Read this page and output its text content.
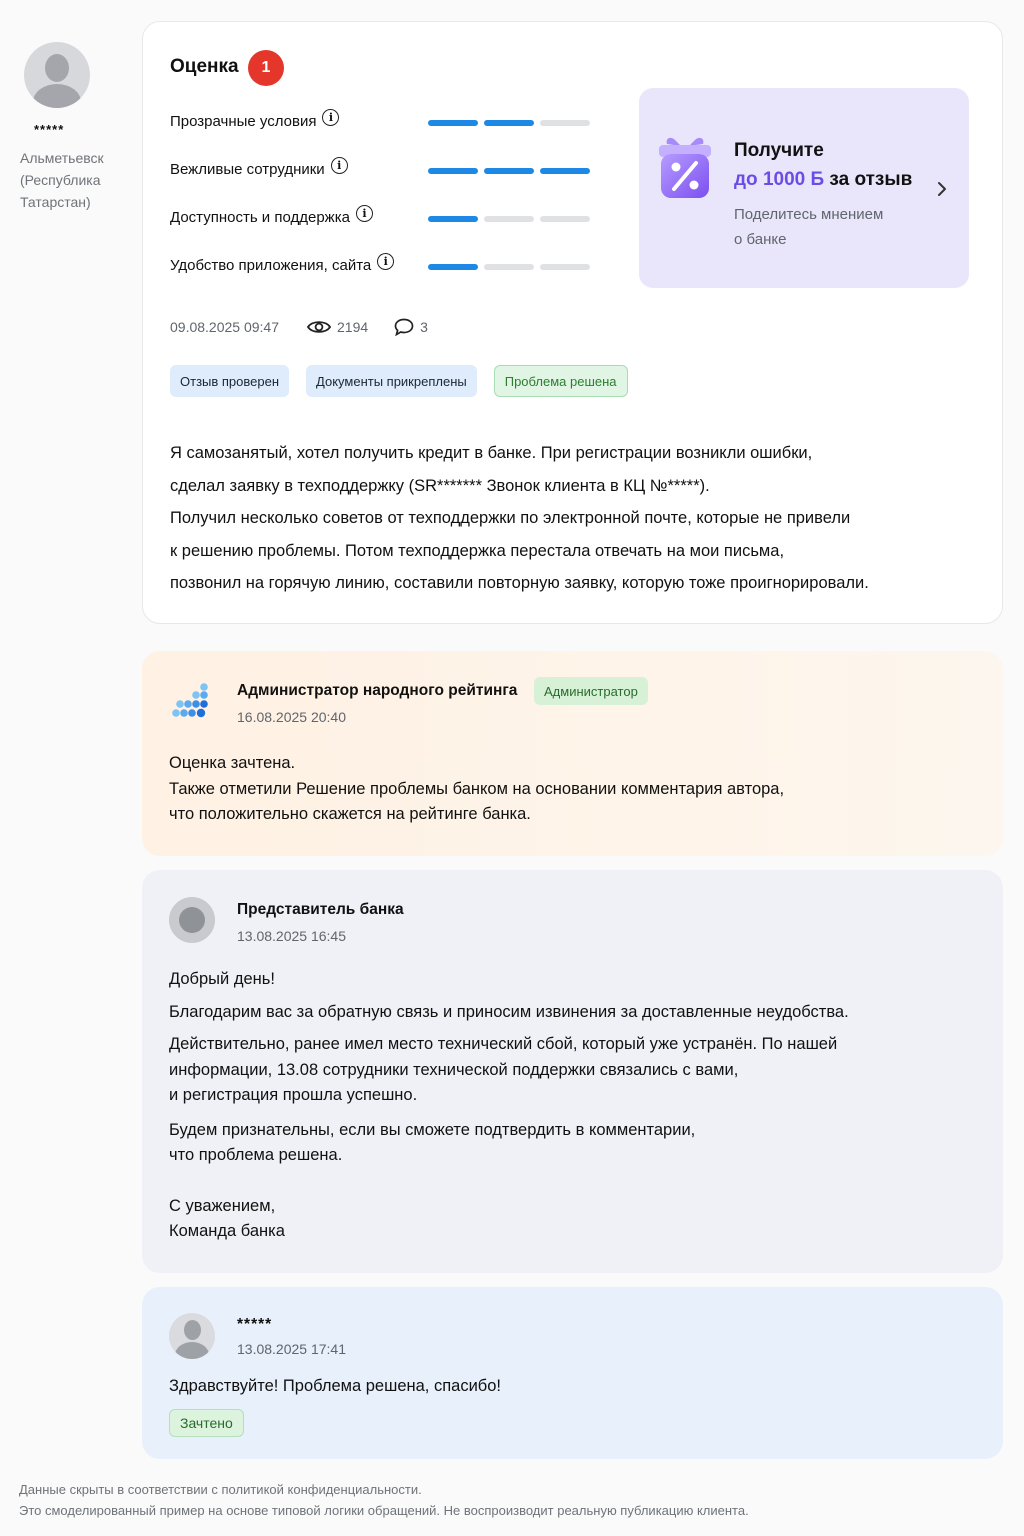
*****
Альметьевск
(Республика
Татарстан)
Оценка	1
Прозрачные условия	i
Вежливые сотрудники	i
Доступность и поддержка	i
Удобство приложения, сайта	i
09.08.2025 09:47	2194	3
Отзыв проверен	Документы прикреплены	Проблема решена
Я самозанятый, хотел получить кредит в банке. При регистрации возникли ошибки,
сделал заявку в техподдержку (SR******* Звонок клиента в КЦ №*****).
Получил несколько советов от техподдержки по электронной почте, которые не привели
к решению проблемы. Потом техподдержка перестала отвечать на мои письма,
позвонил на горячую линию, составили повторную заявку, которую тоже проигнорировали.
Получите
до 1000 Б за отзыв
Поделитесь мнением
о банке
Администратор народного рейтинга	Администратор
16.08.2025 20:40

Оценка зачтена.

Также отметили Решение проблемы банком на основании комментария автора,

что положительно скажется на рейтинге банка.

Представитель банка
13.08.2025 16:45

Добрый день!

Благодарим вас за обратную связь и приносим извинения за доставленные неудобства.

Действительно, ранее имел место технический сбой, который уже устранён. По нашей

информации, 13.08 сотрудники технической поддержки связались с вами,

и регистрация прошла успешно.

Будем признательны, если вы сможете подтвердить в комментарии,

что проблема решена.

С уважением,

Команда банка

*****
13.08.2025 17:41

Здравствуйте! Проблема решена, спасибо!

Зачтено
Данные скрыты в соответствии с политикой конфиденциальности.
Это смоделированный пример на основе типовой логики обращений. Не воспроизводит реальную публикацию клиента.
